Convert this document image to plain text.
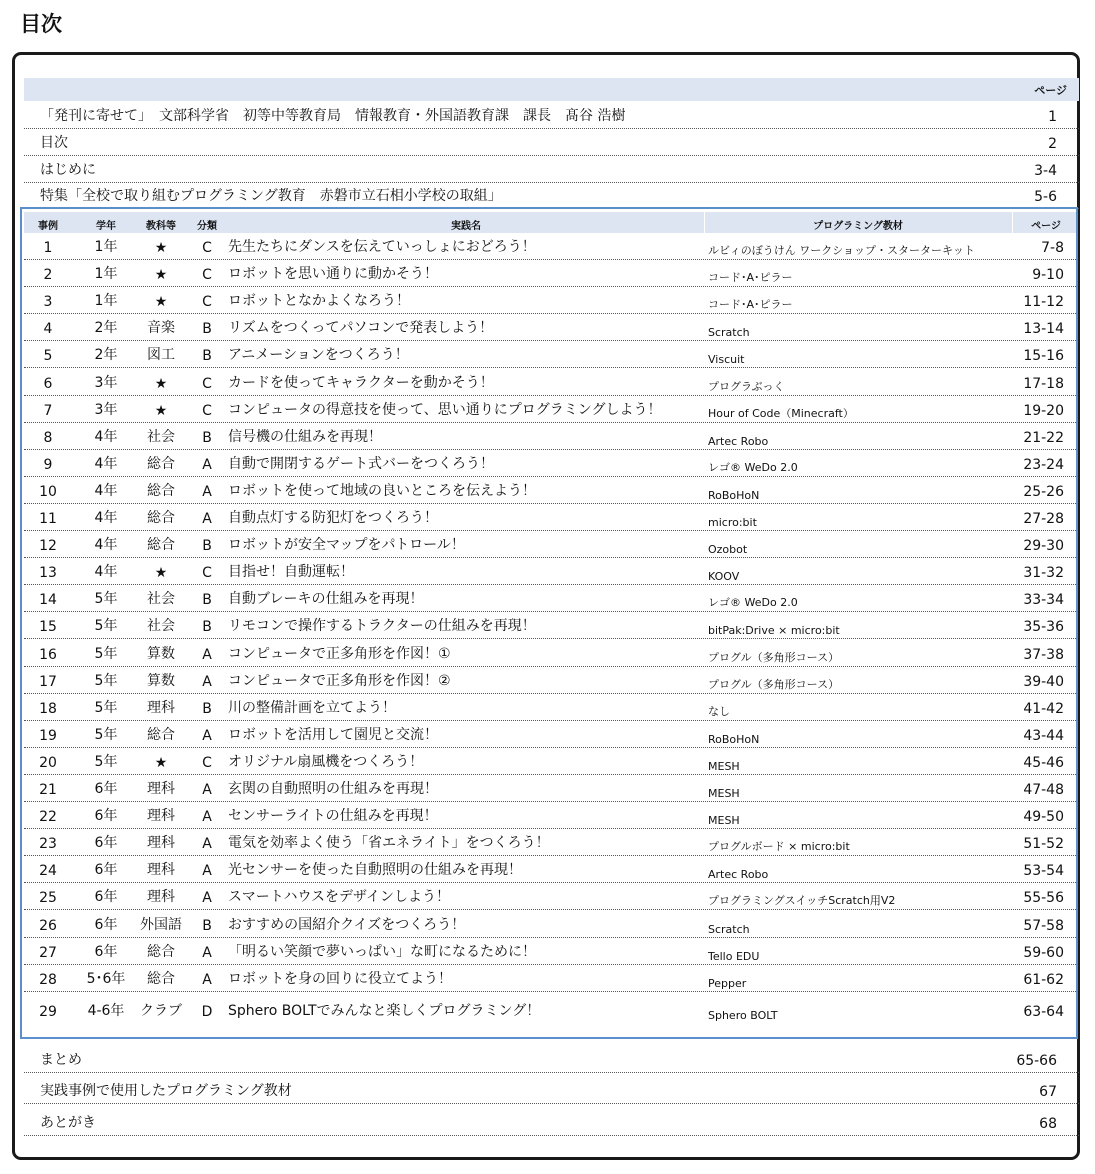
目次
ページ
「発刊に寄せて」　文部科学省　初等中等教育局　情報教育・外国語教育課　課長　髙谷 浩樹	1
目次	2
はじめに	3-4
特集「全校で取り組むプログラミング教育　赤磐市立石相小学校の取組」	5-6
事例	学年	教科等	分類	実践名	プログラミング教材	ページ
1	1年	★	C	先生たちにダンスを伝えていっしょにおどろう！	ルビィのぼうけん ワークショップ・スターターキット	7-8
2	1年	★	C	ロボットを思い通りに動かそう！	コード･A･ピラー	9-10
3	1年	★	C	ロボットとなかよくなろう！	コード･A･ピラー	11-12
4	2年	音楽	B	リズムをつくってパソコンで発表しよう！	Scratch	13-14
5	2年	図工	B	アニメーションをつくろう！	Viscuit	15-16
6	3年	★	C	カードを使ってキャラクターを動かそう！	プログラぶっく	17-18
7	3年	★	C	コンピュータの得意技を使って、思い通りにプログラミングしよう！	Hour of Code（Minecraft）	19-20
8	4年	社会	B	信号機の仕組みを再現！	Artec Robo	21-22
9	4年	総合	A	自動で開閉するゲート式バーをつくろう！	レゴ® WeDo 2.0	23-24
10	4年	総合	A	ロボットを使って地域の良いところを伝えよう！	RoBoHoN	25-26
11	4年	総合	A	自動点灯する防犯灯をつくろう！	micro:bit	27-28
12	4年	総合	B	ロボットが安全マップをパトロール！	Ozobot	29-30
13	4年	★	C	目指せ！自動運転！	KOOV	31-32
14	5年	社会	B	自動ブレーキの仕組みを再現！	レゴ® WeDo 2.0	33-34
15	5年	社会	B	リモコンで操作するトラクターの仕組みを再現！	bitPak:Drive × micro:bit	35-36
16	5年	算数	A	コンピュータで正多角形を作図！①	プログル（多角形コース）	37-38
17	5年	算数	A	コンピュータで正多角形を作図！②	プログル（多角形コース）	39-40
18	5年	理科	B	川の整備計画を立てよう！	なし	41-42
19	5年	総合	A	ロボットを活用して園児と交流！	RoBoHoN	43-44
20	5年	★	C	オリジナル扇風機をつくろう！	MESH	45-46
21	6年	理科	A	玄関の自動照明の仕組みを再現！	MESH	47-48
22	6年	理科	A	センサーライトの仕組みを再現！	MESH	49-50
23	6年	理科	A	電気を効率よく使う「省エネライト」をつくろう！	プログルボード × micro:bit	51-52
24	6年	理科	A	光センサーを使った自動照明の仕組みを再現！	Artec Robo	53-54
25	6年	理科	A	スマートハウスをデザインしよう！	プログラミングスイッチScratch用V2	55-56
26	6年	外国語	B	おすすめの国紹介クイズをつくろう！	Scratch	57-58
27	6年	総合	A	「明るい笑顔で夢いっぱい」な町になるために！	Tello EDU	59-60
28	5･6年	総合	A	ロボットを身の回りに役立てよう！	Pepper	61-62
29	4-6年	クラブ	D	Sphero BOLTでみんなと楽しくプログラミング！	Sphero BOLT	63-64
まとめ	65-66
実践事例で使用したプログラミング教材	67
あとがき	68
